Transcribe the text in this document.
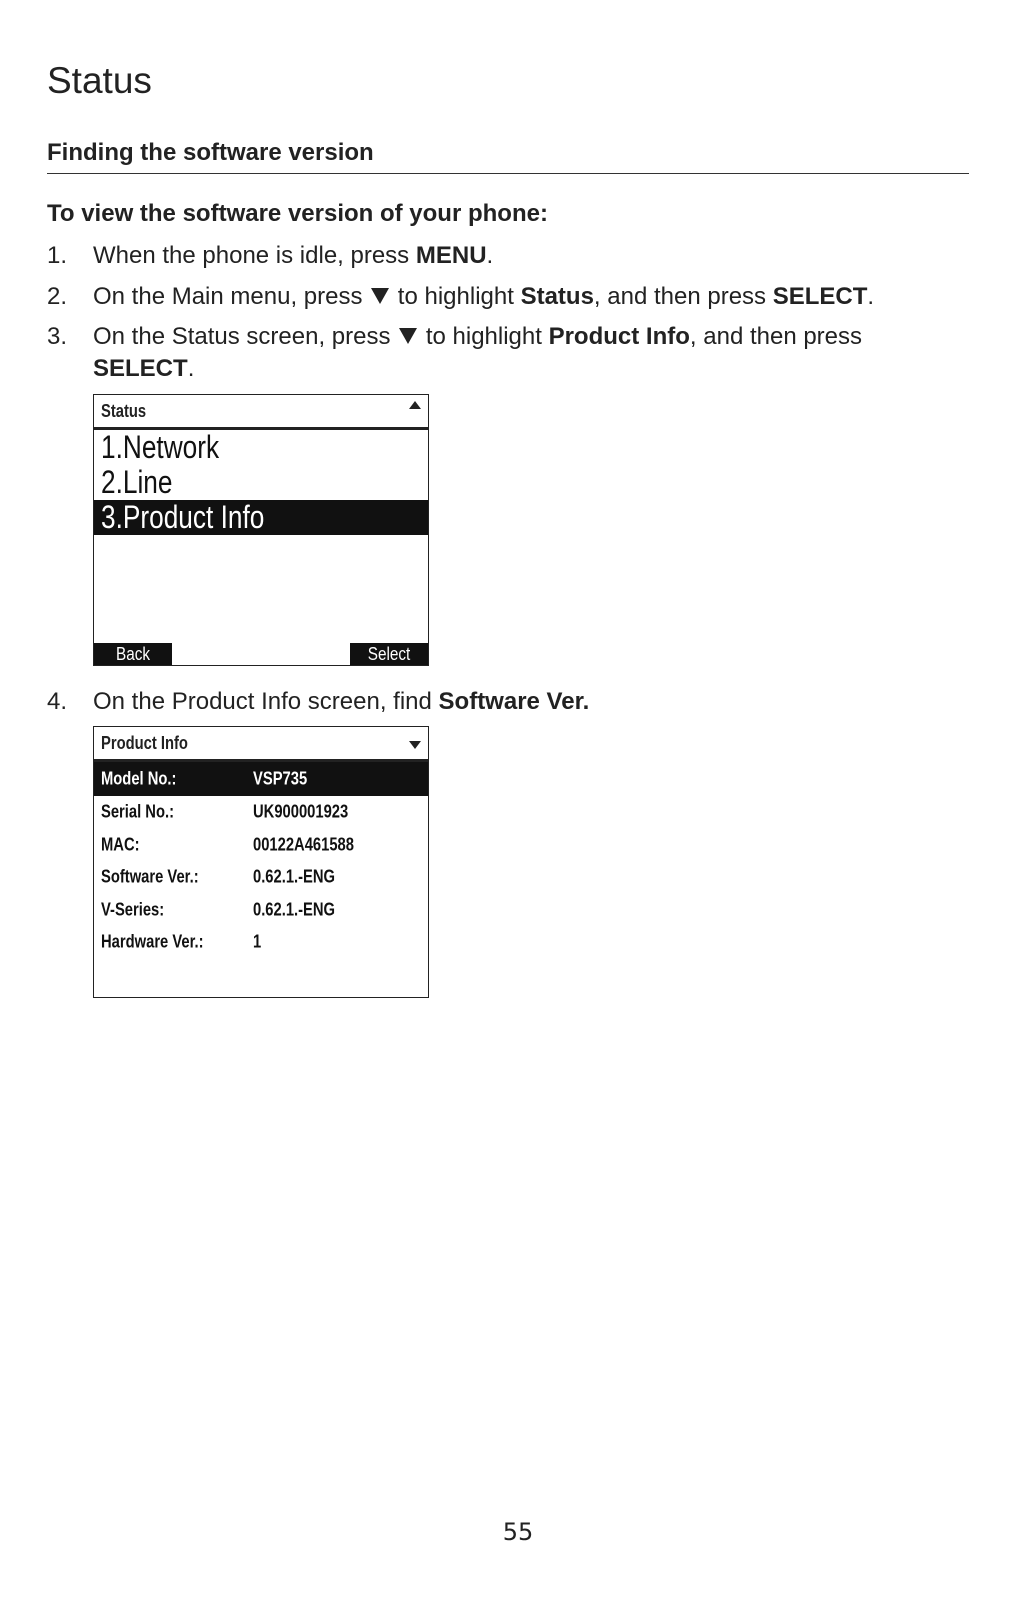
Status
Finding the software version

To view the software version of your phone:

1.	When the phone is idle, press MENU.
2.	On the Main menu, press  to highlight Status, and then press SELECT.
3.	On the Status screen, press  to highlight Product Info, and then press
SELECT.
Status
1.Network
2.Line
3.Product Info
Back	Select
4.	On the Product Info screen, find Software Ver.
Product Info
Model No.:	VSP735
Serial No.:	UK900001923
MAC:	00122A461588
Software Ver.:	0.62.1.-ENG
V-Series:	0.62.1.-ENG
Hardware Ver.:	1
55
